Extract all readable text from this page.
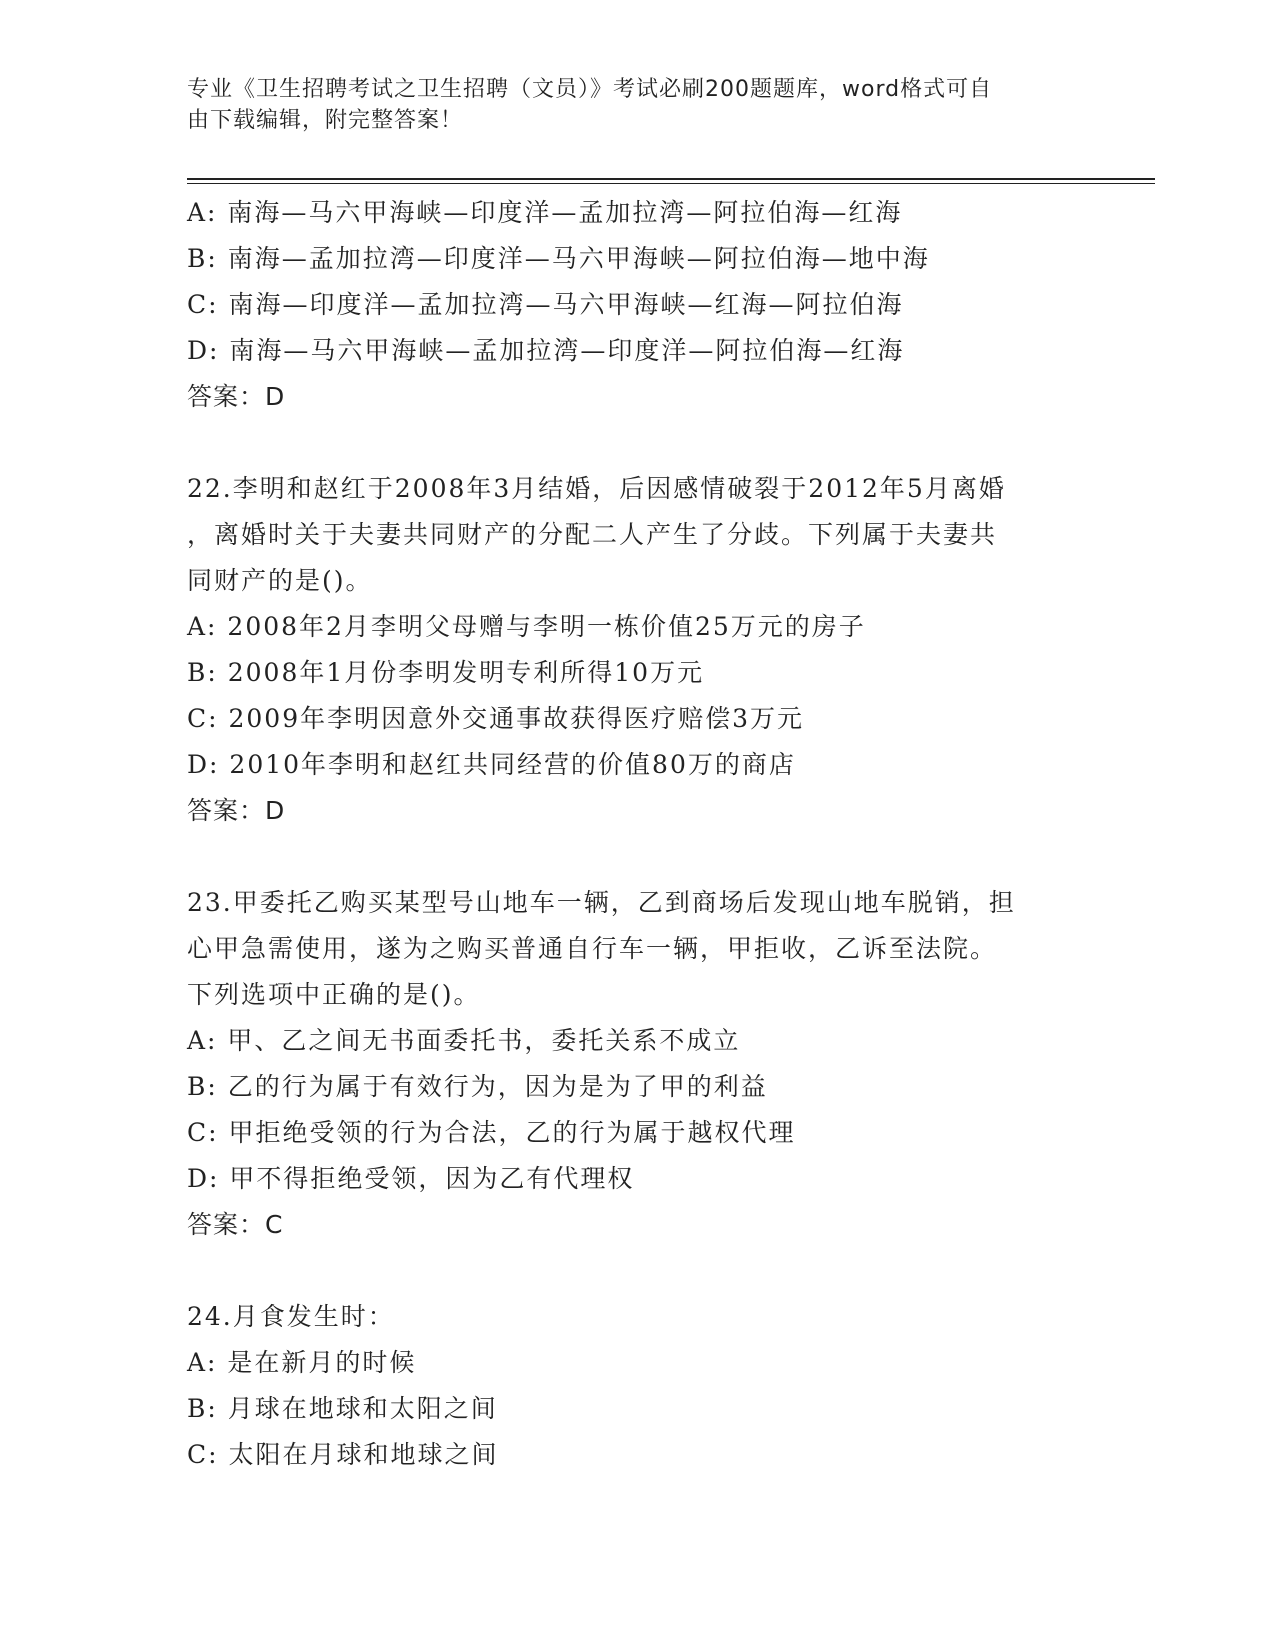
专业《卫生招聘考试之卫生招聘（文员）》考试必刷200题题库，word格式可自
由下载编辑，附完整答案！

A: 南海—马六甲海峡—印度洋—孟加拉湾—阿拉伯海—红海

B: 南海—孟加拉湾—印度洋—马六甲海峡—阿拉伯海—地中海

C: 南海—印度洋—孟加拉湾—马六甲海峡—红海—阿拉伯海

D: 南海—马六甲海峡—孟加拉湾—印度洋—阿拉伯海—红海

答案：D

22.李明和赵红于2008年3月结婚，后因感情破裂于2012年5月离婚

，离婚时关于夫妻共同财产的分配二人产生了分歧。下列属于夫妻共

同财产的是()。

A: 2008年2月李明父母赠与李明一栋价值25万元的房子

B: 2008年1月份李明发明专利所得10万元

C: 2009年李明因意外交通事故获得医疗赔偿3万元

D: 2010年李明和赵红共同经营的价值80万的商店

答案：D

23.甲委托乙购买某型号山地车一辆，乙到商场后发现山地车脱销，担

心甲急需使用，遂为之购买普通自行车一辆，甲拒收，乙诉至法院。

下列选项中正确的是()。

A: 甲、乙之间无书面委托书，委托关系不成立

B: 乙的行为属于有效行为，因为是为了甲的利益

C: 甲拒绝受领的行为合法，乙的行为属于越权代理

D: 甲不得拒绝受领，因为乙有代理权

答案：C

24.月食发生时：

A: 是在新月的时候

B: 月球在地球和太阳之间

C: 太阳在月球和地球之间
